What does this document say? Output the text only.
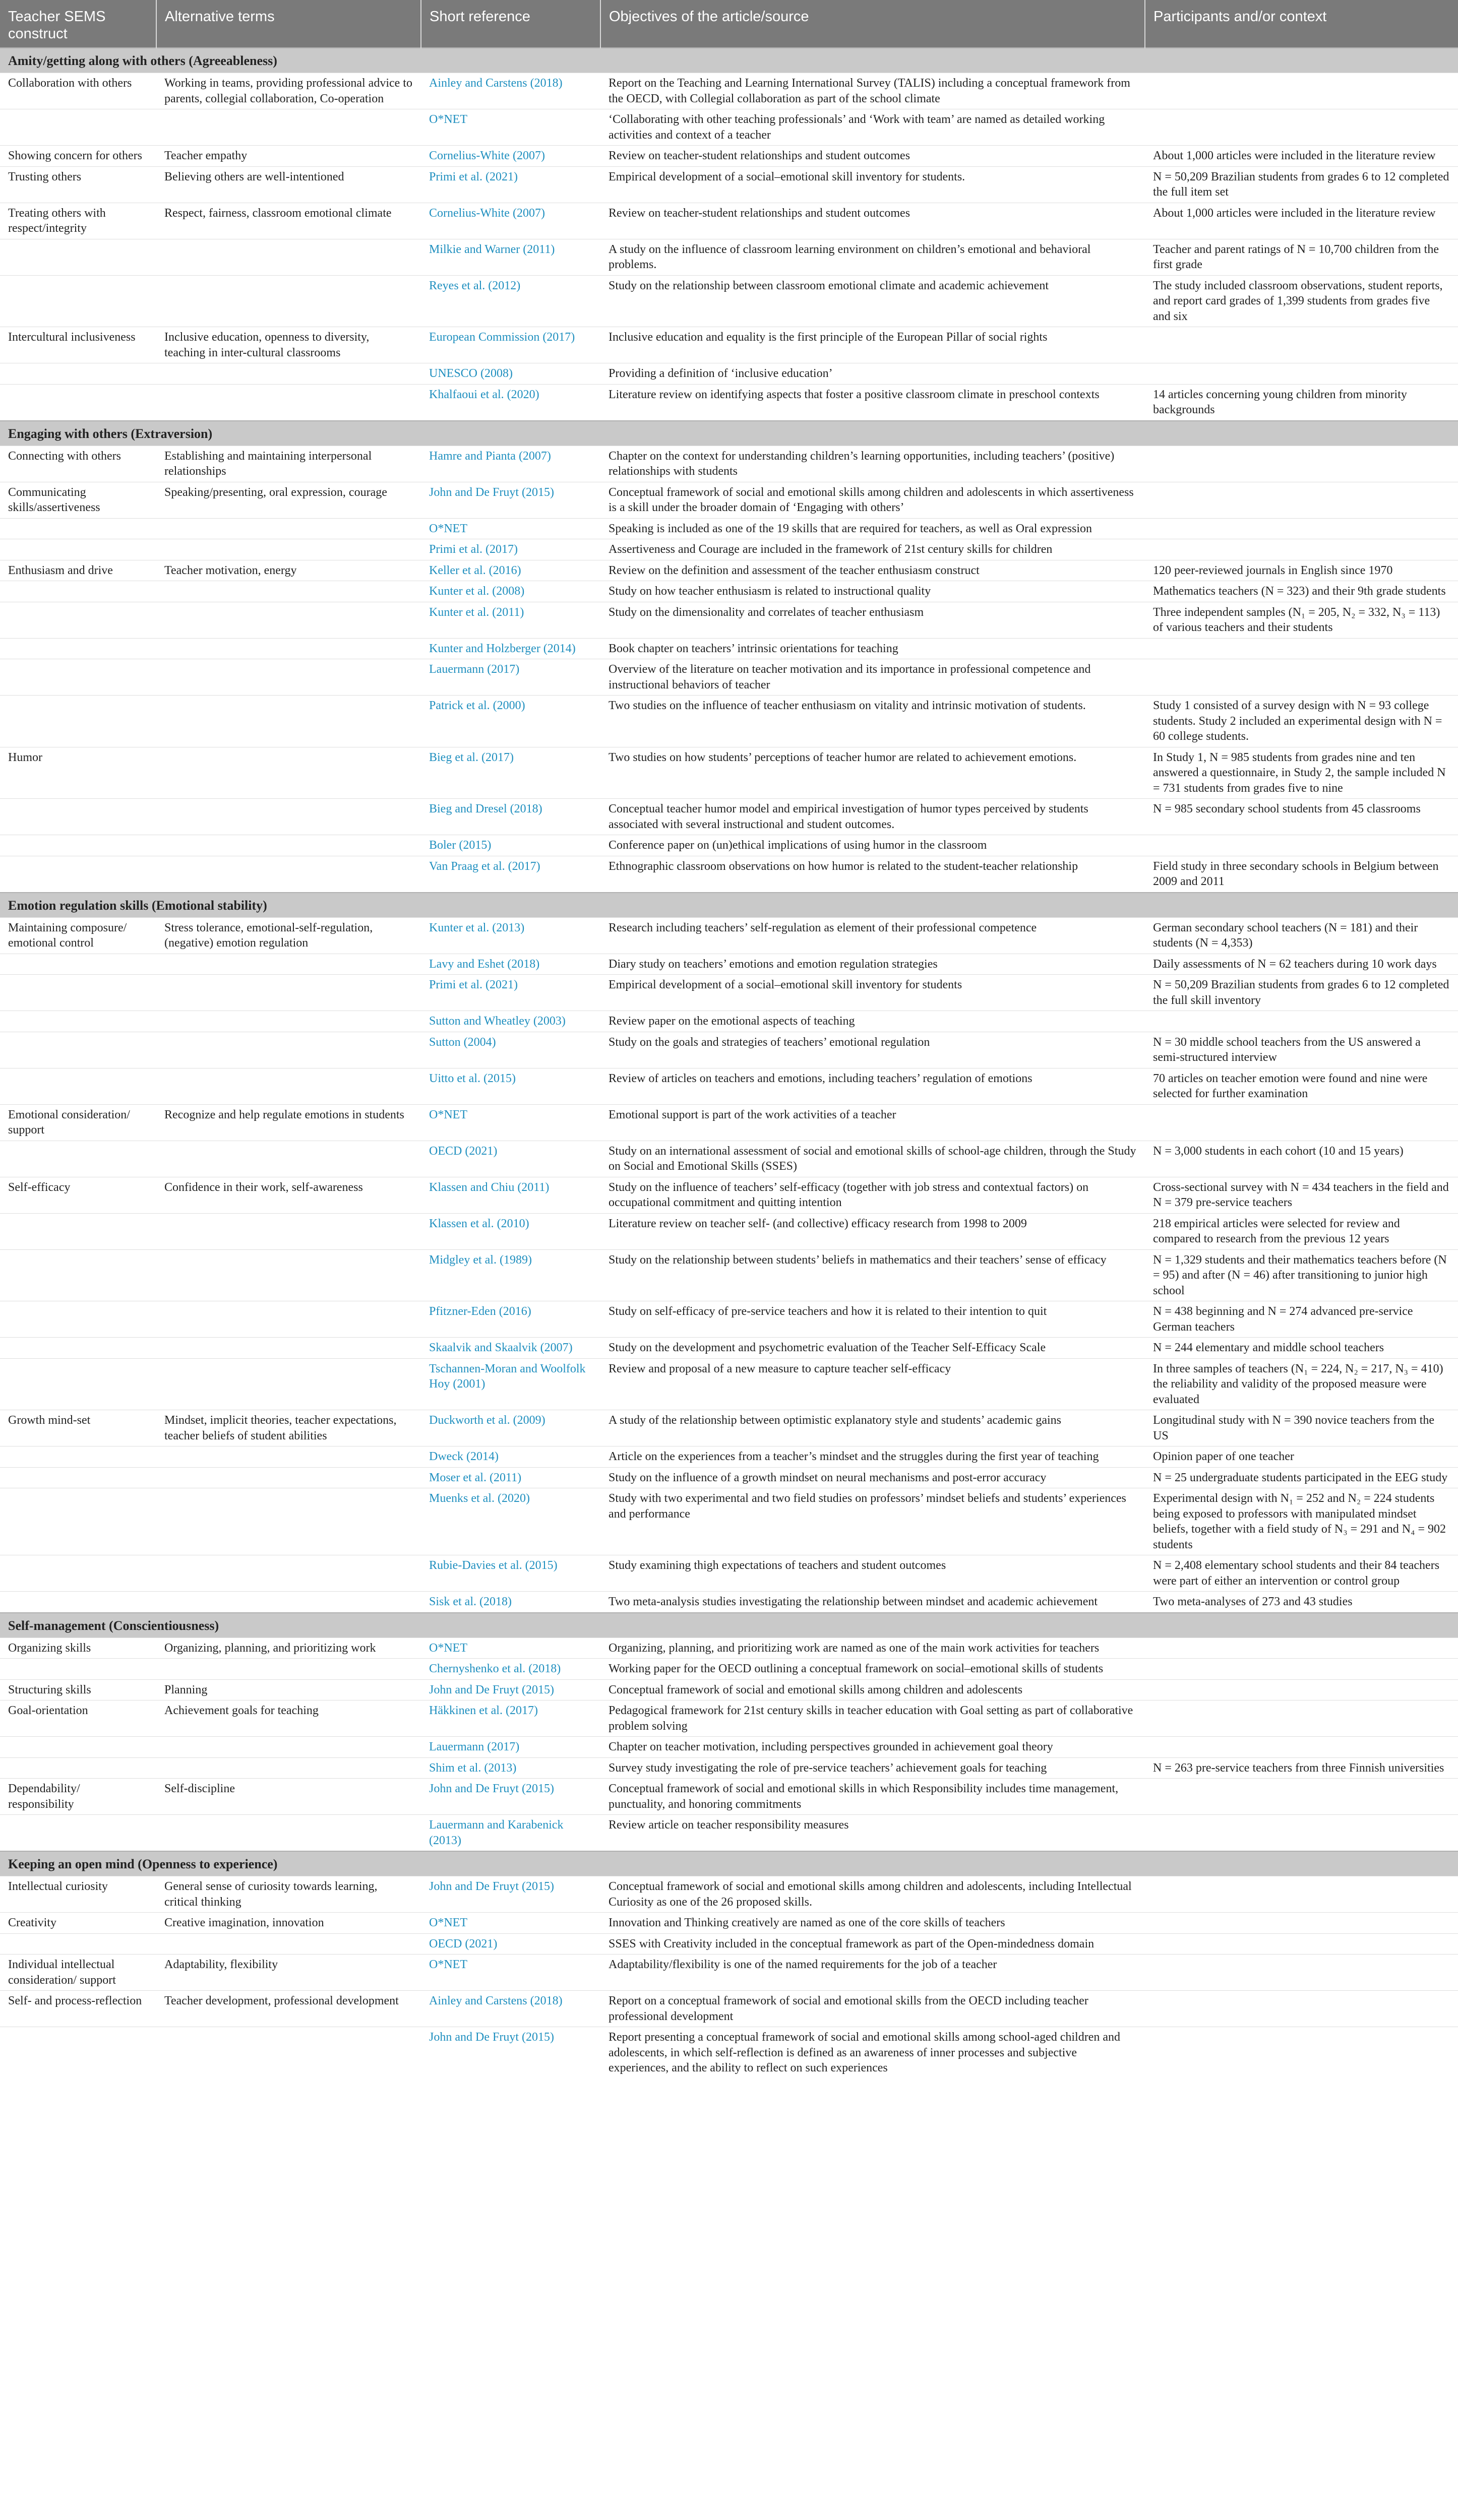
Teacher SEMS construct	Alternative terms	Short reference	Objectives of the article/source	Participants and/or context
Amity/getting along with others (Agreeableness)				
Collaboration with others	Working in teams, providing professional advice to parents, collegial collaboration, Co-operation	Ainley and Carstens (2018)	Report on the Teaching and Learning International Survey (TALIS) including a conceptual framework from the OECD, with Collegial collaboration as part of the school climate	
		O*NET	‘Collaborating with other teaching professionals’ and ‘Work with team’ are named as detailed working activities and context of a teacher	
Showing concern for others	Teacher empathy	Cornelius-White (2007)	Review on teacher-student relationships and student outcomes	About 1,000 articles were included in the literature review
Trusting others	Believing others are well-intentioned	Primi et al. (2021)	Empirical development of a social–emotional skill inventory for students.	N = 50,209 Brazilian students from grades 6 to 12 completed the full item set
Treating others with respect/integrity	Respect, fairness, classroom emotional climate	Cornelius-White (2007)	Review on teacher-student relationships and student outcomes	About 1,000 articles were included in the literature review
		Milkie and Warner (2011)	A study on the influence of classroom learning environment on children’s emotional and behavioral problems.	Teacher and parent ratings of N = 10,700 children from the first grade
		Reyes et al. (2012)	Study on the relationship between classroom emotional climate and academic achievement	The study included classroom observations, student reports, and report card grades of 1,399 students from grades five and six
Intercultural inclusiveness	Inclusive education, openness to diversity, teaching in inter-cultural classrooms	European Commission (2017)	Inclusive education and equality is the first principle of the European Pillar of social rights	
		UNESCO (2008)	Providing a definition of ‘inclusive education’	
		Khalfaoui et al. (2020)	Literature review on identifying aspects that foster a positive classroom climate in preschool contexts	14 articles concerning young children from minority backgrounds
Engaging with others (Extraversion)				
Connecting with others	Establishing and maintaining interpersonal relationships	Hamre and Pianta (2007)	Chapter on the context for understanding children’s learning opportunities, including teachers’ (positive) relationships with students	
Communicating skills/assertiveness	Speaking/presenting, oral expression, courage	John and De Fruyt (2015)	Conceptual framework of social and emotional skills among children and adolescents in which assertiveness is a skill under the broader domain of ‘Engaging with others’	
		O*NET	Speaking is included as one of the 19 skills that are required for teachers, as well as Oral expression	
		Primi et al. (2017)	Assertiveness and Courage are included in the framework of 21st century skills for children	
Enthusiasm and drive	Teacher motivation, energy	Keller et al. (2016)	Review on the definition and assessment of the teacher enthusiasm construct	120 peer-reviewed journals in English since 1970
		Kunter et al. (2008)	Study on how teacher enthusiasm is related to instructional quality	Mathematics teachers (N = 323) and their 9th grade students
		Kunter et al. (2011)	Study on the dimensionality and correlates of teacher enthusiasm	Three independent samples (N₁ = 205, N₂ = 332, N₃ = 113) of various teachers and their students
		Kunter and Holzberger (2014)	Book chapter on teachers’ intrinsic orientations for teaching	
		Lauermann (2017)	Overview of the literature on teacher motivation and its importance in professional competence and instructional behaviors of teacher	
		Patrick et al. (2000)	Two studies on the influence of teacher enthusiasm on vitality and intrinsic motivation of students.	Study 1 consisted of a survey design with N = 93 college students. Study 2 included an experimental design with N = 60 college students.
Humor		Bieg et al. (2017)	Two studies on how students’ perceptions of teacher humor are related to achievement emotions.	In Study 1, N = 985 students from grades nine and ten answered a questionnaire, in Study 2, the sample included N = 731 students from grades five to nine
		Bieg and Dresel (2018)	Conceptual teacher humor model and empirical investigation of humor types perceived by students associated with several instructional and student outcomes.	N = 985 secondary school students from 45 classrooms
		Boler (2015)	Conference paper on (un)ethical implications of using humor in the classroom	
		Van Praag et al. (2017)	Ethnographic classroom observations on how humor is related to the student-teacher relationship	Field study in three secondary schools in Belgium between 2009 and 2011
Emotion regulation skills (Emotional stability)				
Maintaining composure/ emotional control	Stress tolerance, emotional-self-regulation, (negative) emotion regulation	Kunter et al. (2013)	Research including teachers’ self-regulation as element of their professional competence	German secondary school teachers (N = 181) and their students (N = 4,353)
		Lavy and Eshet (2018)	Diary study on teachers’ emotions and emotion regulation strategies	Daily assessments of N = 62 teachers during 10 work days
		Primi et al. (2021)	Empirical development of a social–emotional skill inventory for students	N = 50,209 Brazilian students from grades 6 to 12 completed the full skill inventory
		Sutton and Wheatley (2003)	Review paper on the emotional aspects of teaching	
		Sutton (2004)	Study on the goals and strategies of teachers’ emotional regulation	N = 30 middle school teachers from the US answered a semi-structured interview
		Uitto et al. (2015)	Review of articles on teachers and emotions, including teachers’ regulation of emotions	70 articles on teacher emotion were found and nine were selected for further examination
Emotional consideration/ support	Recognize and help regulate emotions in students	O*NET	Emotional support is part of the work activities of a teacher	
		OECD (2021)	Study on an international assessment of social and emotional skills of school-age children, through the Study on Social and Emotional Skills (SSES)	N = 3,000 students in each cohort (10 and 15 years)
Self-efficacy	Confidence in their work, self-awareness	Klassen and Chiu (2011)	Study on the influence of teachers’ self-efficacy (together with job stress and contextual factors) on occupational commitment and quitting intention	Cross-sectional survey with N = 434 teachers in the field and N = 379 pre-service teachers
		Klassen et al. (2010)	Literature review on teacher self- (and collective) efficacy research from 1998 to 2009	218 empirical articles were selected for review and compared to research from the previous 12 years
		Midgley et al. (1989)	Study on the relationship between students’ beliefs in mathematics and their teachers’ sense of efficacy	N = 1,329 students and their mathematics teachers before (N = 95) and after (N = 46) after transitioning to junior high school
		Pfitzner-Eden (2016)	Study on self-efficacy of pre-service teachers and how it is related to their intention to quit	N = 438 beginning and N = 274 advanced pre-service German teachers
		Skaalvik and Skaalvik (2007)	Study on the development and psychometric evaluation of the Teacher Self-Efficacy Scale	N = 244 elementary and middle school teachers
		Tschannen-Moran and Woolfolk Hoy (2001)	Review and proposal of a new measure to capture teacher self-efficacy	In three samples of teachers (N₁ = 224, N₂ = 217, N₃ = 410) the reliability and validity of the proposed measure were evaluated
Growth mind-set	Mindset, implicit theories, teacher expectations, teacher beliefs of student abilities	Duckworth et al. (2009)	A study of the relationship between optimistic explanatory style and students’ academic gains	Longitudinal study with N = 390 novice teachers from the US
		Dweck (2014)	Article on the experiences from a teacher’s mindset and the struggles during the first year of teaching	Opinion paper of one teacher
		Moser et al. (2011)	Study on the influence of a growth mindset on neural mechanisms and post-error accuracy	N = 25 undergraduate students participated in the EEG study
		Muenks et al. (2020)	Study with two experimental and two field studies on professors’ mindset beliefs and students’ experiences and performance	Experimental design with N₁ = 252 and N₂ = 224 students being exposed to professors with manipulated mindset beliefs, together with a field study of N₃ = 291 and N₄ = 902 students
		Rubie-Davies et al. (2015)	Study examining thigh expectations of teachers and student outcomes	N = 2,408 elementary school students and their 84 teachers were part of either an intervention or control group
		Sisk et al. (2018)	Two meta-analysis studies investigating the relationship between mindset and academic achievement	Two meta-analyses of 273 and 43 studies
Self-management (Conscientiousness)				
Organizing skills	Organizing, planning, and prioritizing work	O*NET	Organizing, planning, and prioritizing work are named as one of the main work activities for teachers	
		Chernyshenko et al. (2018)	Working paper for the OECD outlining a conceptual framework on social–emotional skills of students	
Structuring skills	Planning	John and De Fruyt (2015)	Conceptual framework of social and emotional skills among children and adolescents	
Goal-orientation	Achievement goals for teaching	Häkkinen et al. (2017)	Pedagogical framework for 21st century skills in teacher education with Goal setting as part of collaborative problem solving	
		Lauermann (2017)	Chapter on teacher motivation, including perspectives grounded in achievement goal theory	
		Shim et al. (2013)	Survey study investigating the role of pre-service teachers’ achievement goals for teaching	N = 263 pre-service teachers from three Finnish universities
Dependability/ responsibility	Self-discipline	John and De Fruyt (2015)	Conceptual framework of social and emotional skills in which Responsibility includes time management, punctuality, and honoring commitments	
		Lauermann and Karabenick (2013)	Review article on teacher responsibility measures	
Keeping an open mind (Openness to experience)				
Intellectual curiosity	General sense of curiosity towards learning, critical thinking	John and De Fruyt (2015)	Conceptual framework of social and emotional skills among children and adolescents, including Intellectual Curiosity as one of the 26 proposed skills.	
Creativity	Creative imagination, innovation	O*NET	Innovation and Thinking creatively are named as one of the core skills of teachers	
		OECD (2021)	SSES with Creativity included in the conceptual framework as part of the Open-mindedness domain	
Individual intellectual consideration/ support	Adaptability, flexibility	O*NET	Adaptability/flexibility is one of the named requirements for the job of a teacher	
Self- and process-reflection	Teacher development, professional development	Ainley and Carstens (2018)	Report on a conceptual framework of social and emotional skills from the OECD including teacher professional development	
		John and De Fruyt (2015)	Report presenting a conceptual framework of social and emotional skills among school-aged children and adolescents, in which self-reflection is defined as an awareness of inner processes and subjective experiences, and the ability to reflect on such experiences	
